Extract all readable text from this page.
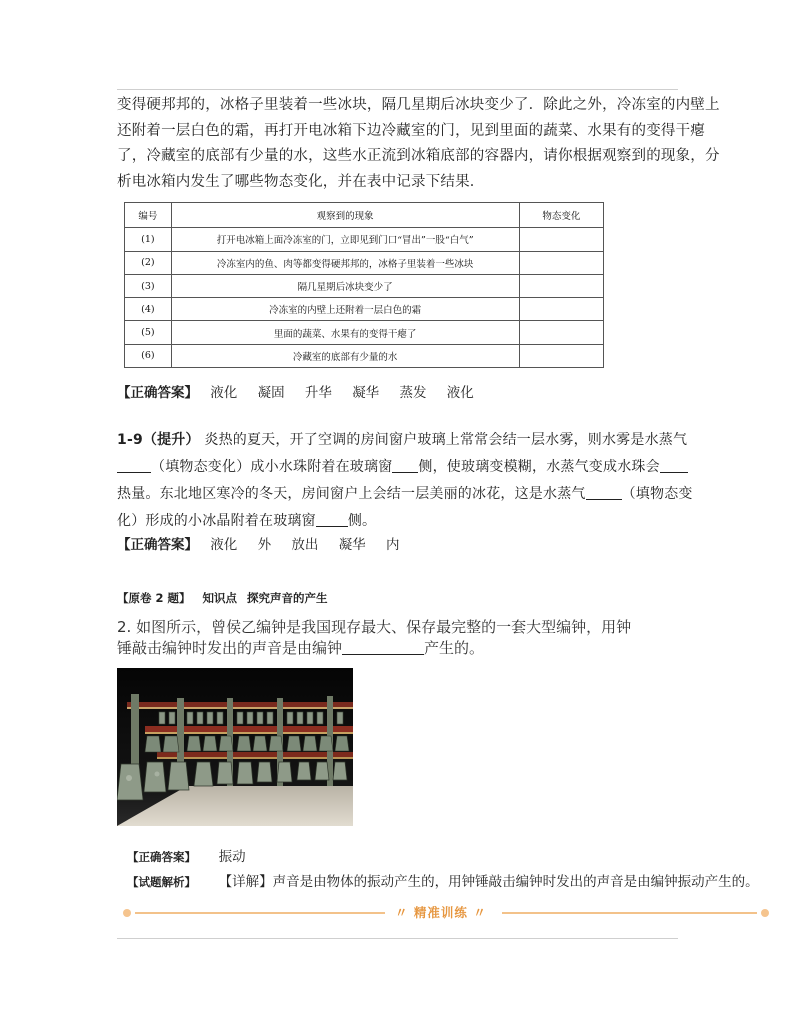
变得硬邦邦的，冰格子里装着一些冰块，隔几星期后冰块变少了．除此之外，冷冻室的内壁上
还附着一层白色的霜，再打开电冰箱下边冷藏室的门，见到里面的蔬菜、水果有的变得干瘪
了，冷藏室的底部有少量的水，这些水正流到冰箱底部的容器内，请你根据观察到的现象，分
析电冰箱内发生了哪些物态变化，并在表中记录下结果．
编号	观察到的现象	物态变化
(1)	打开电冰箱上面冷冻室的门，立即见到门口“冒出”一股“白气”	
(2)	冷冻室内的鱼、肉等都变得硬邦邦的，冰格子里装着一些冰块	
(3)	隔几星期后冰块变少了	
(4)	冷冻室的内壁上还附着一层白色的霜	
(5)	里面的蔬菜、水果有的变得干瘪了	
(6)	冷藏室的底部有少量的水	
【正确答案】 液化 凝固 升华 凝华 蒸发 液化
1-9（提升） 炎热的夏天，开了空调的房间窗户玻璃上常常会结一层水雾，则水雾是水蒸气
（填物态变化）成小水珠附着在玻璃窗 侧，使玻璃变模糊，水蒸气变成水珠会
热量。东北地区寒冷的冬天，房间窗户上会结一层美丽的冰花，这是水蒸气	（填物态变
化）形成的小冰晶附着在玻璃窗 侧。
【正确答案】 液化 外 放出 凝华 内
【原卷 2 题】 知识点 探究声音的产生
2. 如图所示，曾侯乙编钟是我国现存最大、保存最完整的一套大型编钟，用钟
锤敲击编钟时发出的声音是由编钟	产生的。
【正确答案】 振动
【试题解析】 【详解】声音是由物体的振动产生的，用钟锤敲击编钟时发出的声音是由编钟振动产生的。
〃 精准训练 〃
